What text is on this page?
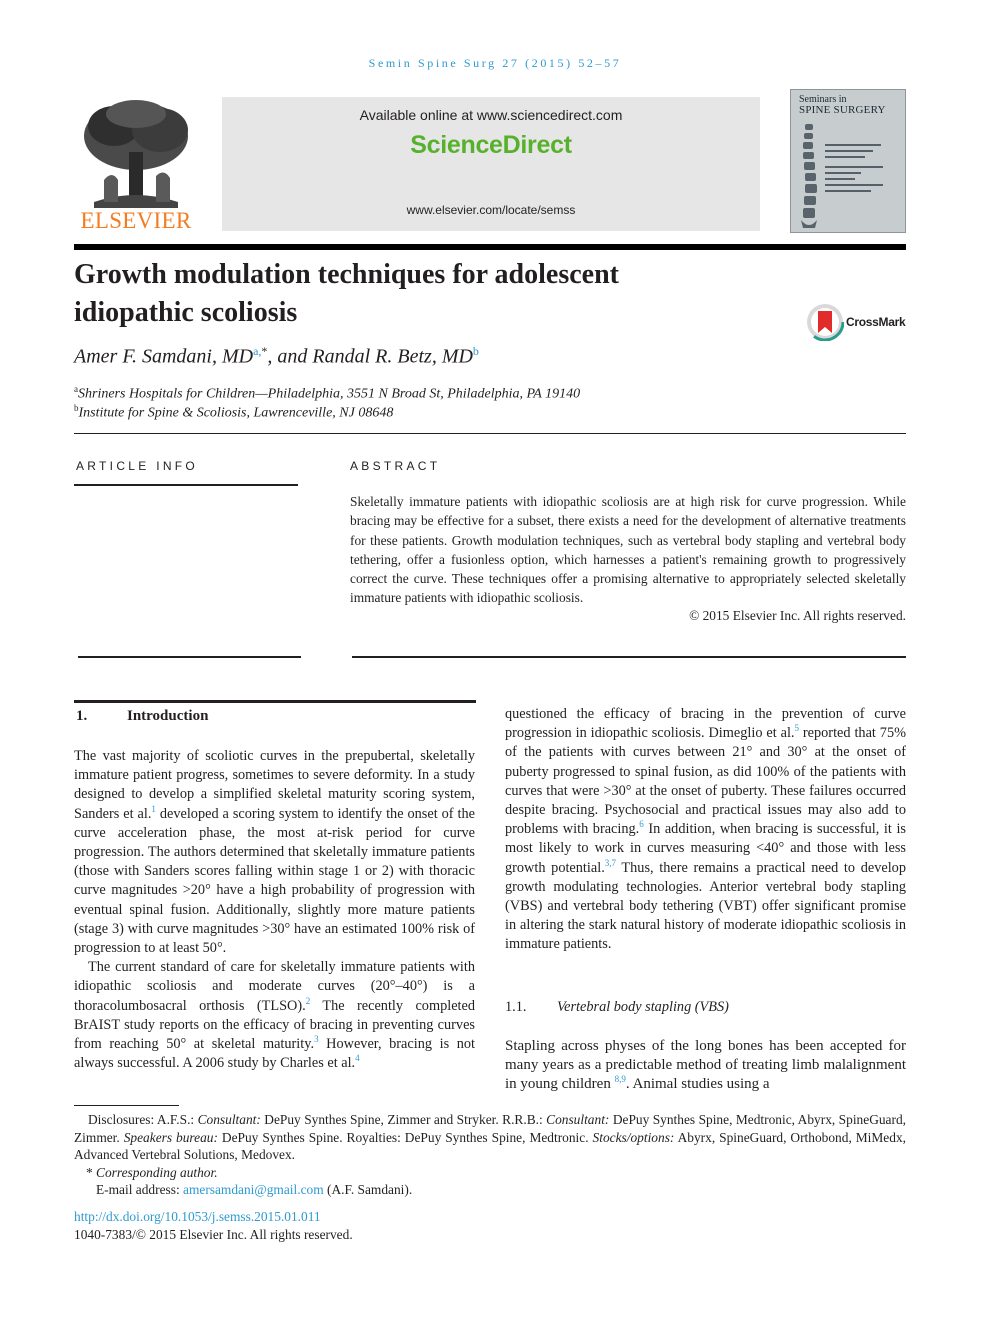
Semin Spine Surg 27 (2015) 52–57
ELSEVIER
Available online at www.sciencedirect.com
ScienceDirect
www.elsevier.com/locate/semss
Seminars in
SPINE SURGERY
Growth modulation techniques for adolescent
idiopathic scoliosis	CrossMark
Amer F. Samdani, $MD^{a,*}$, and Randal R. Betz, $MD^b$
$^a$Shriners Hospitals for Children—Philadelphia, 3551 N Broad St, Philadelphia, PA 19140
$^b$Institute for Spine & Scoliosis, Lawrenceville, NJ 08648
ARTICLE INFO	ABSTRACT
Skeletally immature patients with idiopathic scoliosis are at high risk for curve progression. While bracing may be effective for a subset, there exists a need for the development of alternative treatments for these patients. Growth modulation techniques, such as vertebral body stapling and vertebral body tethering, offer a fusionless option, which harnesses a patient's remaining growth to progressively correct the curve. These techniques offer a promising alternative to appropriately selected skeletally immature patients with idiopathic scoliosis.
© 2015 Elsevier Inc. All rights reserved.
1.	Introduction

The vast majority of scoliotic curves in the prepubertal, skeletally immature patient progress, sometimes to severe deformity. In a study designed to develop a simplified skeletal maturity scoring system, Sanders et al.$^1$ developed a scoring system to identify the onset of the curve acceleration phase, the most at-risk period for curve progression. The authors determined that skeletally immature patients (those with Sanders scores falling within stage 1 or 2) with thoracic curve magnitudes >20° have a high probability of progression with eventual spinal fusion. Additionally, slightly more mature patients (stage 3) with curve magnitudes >30° have an estimated 100% risk of progression to at least 50°.

The current standard of care for skeletally immature patients with idiopathic scoliosis and moderate curves (20°–40°) is a thoracolumbosacral orthosis (TLSO).$^2$ The recently completed BrAIST study reports on the efficacy of bracing in preventing curves from reaching 50° at skeletal maturity.$^3$ However, bracing is not always successful. A 2006 study by Charles et al.$^4$

questioned the efficacy of bracing in the prevention of curve progression in idiopathic scoliosis. Dimeglio et al.$^5$ reported that 75% of the patients with curves between 21° and 30° at the onset of puberty progressed to spinal fusion, as did 100% of the patients with curves that were >30° at the onset of puberty. These failures occurred despite bracing. Psychosocial and practical issues may also add to problems with bracing.$^6$ In addition, when bracing is successful, it is most likely to work in curves measuring <40° and those with less growth potential.$^{3,7}$ Thus, there remains a practical need to develop growth modulating technologies. Anterior vertebral body stapling (VBS) and vertebral body tethering (VBT) offer significant promise in altering the stark natural history of moderate idiopathic scoliosis in immature patients.

1.1. Vertebral body stapling (VBS)

Stapling across physes of the long bones has been accepted for many years as a predictable method of treating limb malalignment in young children $^{8,9}$. Animal studies using a

Disclosures: A.F.S.: Consultant: DePuy Synthes Spine, Zimmer and Stryker. R.R.B.: Consultant: DePuy Synthes Spine, Medtronic, Abyrx, SpineGuard, Zimmer. Speakers bureau: DePuy Synthes Spine. Royalties: DePuy Synthes Spine, Medtronic. Stocks/options: Abyrx, SpineGuard, Orthobond, MiMedx, Advanced Vertebral Solutions, Medovex.

* Corresponding author.

E-mail address: amersamdani@gmail.com (A.F. Samdani).

http://dx.doi.org/10.1053/j.semss.2015.01.011
1040-7383/© 2015 Elsevier Inc. All rights reserved.
